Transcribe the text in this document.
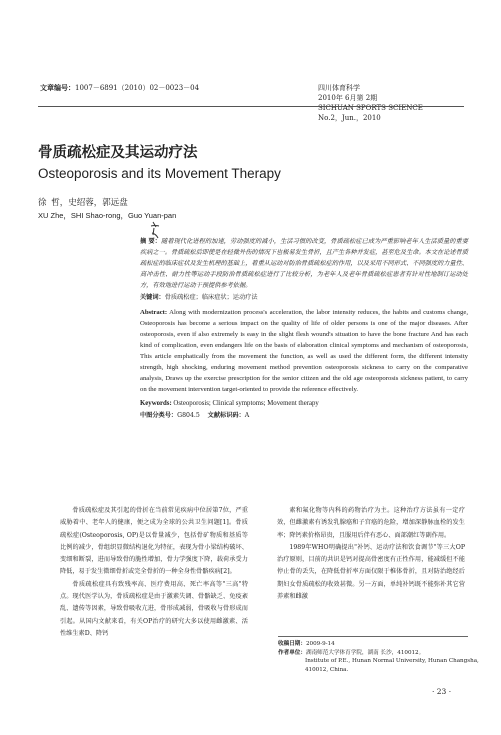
文章编号：1007－6891（2010）02－0023－04	四川体育科学
2010年 6月第 2期
SICHUAN SPORTS SCIENCE
No.2，Jun.，2010
骨质疏松症及其运动疗法
Osteoporosis and its Movement Therapy
徐 哲，史绍蓉，郭远盘
XU Zhe，SHI Shao-rong，Guo Yuan-pan

摘 要：随着现代化进程的加速，劳动强度的减小，生活习惯的改变，骨质疏松症已成为严重影响老年人生活质量的重要疾病之一。骨质疏松后即使是在轻微外伤的情况下也极易发生骨折，且产生各种并发症，甚至危及生命。本文在论述骨质疏松症的临床症状及发生机理的基础上，着重从运动对防治骨质疏松症的作用，以及采用不同形式、不同强度的力量性、高冲击性、耐力性等运动手段防治骨质疏松症进行了比较分析，为老年人及老年骨质疏松症患者有针对性地制订运动处方，有效地进行运动干预提供参考依据。

关键词：骨质疏松症；临床症状；运动疗法

Abstract: Along with modernization process's acceleration, the labor intensity reduces, the habits and customs change, Osteoporosis has become a serious impact on the quality of life of older persons is one of the major diseases. After osteoporosis, even if also extremely is easy in the slight flesh wound's situation to have the bone fracture And has each kind of complication, even endangers life on the basis of elaboration clinical symptoms and mechanism of osteoporosis, This article emphatically from the movement the function, as well as used the different form, the different intensity strength, high shocking, enduring movement method prevention osteoporosis sickness to carry on the comparative analysis, Draws up the exercise prescription for the senior citizen and the old age osteoporosis sickness patient, to carry on the movement intervention target-oriented to provide the reference effectively.

Keywords: Osteoporosis; Clinical symptoms; Movement therapy

中图分类号：G804.5 文献标识码：A

骨质疏松症及其引起的骨折在当前常见疾病中位居第7位，严重威胁着中、老年人的健康，便之成为全球的公共卫生问题[1]。骨质疏松症(Osteoporosis, OP)是以骨量减少，包括骨矿物质和基质等比例的减少，骨组织显微结构退化为特征，表现为骨小梁结构破坏、变细和断裂，进而导致骨的脆性增加，骨力学强度下降，载荷承受力降低，易于发生微细骨折或完全骨折的一种全身性骨骼疾病[2]。

骨质疏松症具有致残率高、医疗费用高、死亡率高等"三高"特点。现代医学认为，骨质疏松症是由于激素失调、骨骼缺乏、免疫紊乱、遗传等因素，导致骨吸收亢进，骨形成减弱，骨吸收与骨形成而引起。从国内文献来看，有关OP治疗的研究大多以使用雌激素、活性维生素D、降钙

素和氟化物等内科的药物治疗为主。这种治疗方法虽有一定疗效，但雌激素有诱发乳腺癌和子宫癌的危险，增加深静脉血栓的发生率；降钙素价格昂贵，且服用后伴有恶心、面部潮红等副作用。

1989年WHO明确提出"补钙、运动疗法和饮食调节"等三大OP治疗原则，目前的共识是钙对提高骨密度有正性作用，能减缓但不能停止骨的丢失，在降低骨折率方面仅限于椎体骨折，且对防治绝经后期妇女骨质疏松的收效甚微。另一方面，单纯补钙既不能弥补其它营养素和雌激

收稿日期：2009-9-14
作者单位：湖南师范大学体育学院，湖南 长沙，410012。
Institute of P.E., Hunan Normal University, Hunan Changsha,
410012, China.
· 23 ·
